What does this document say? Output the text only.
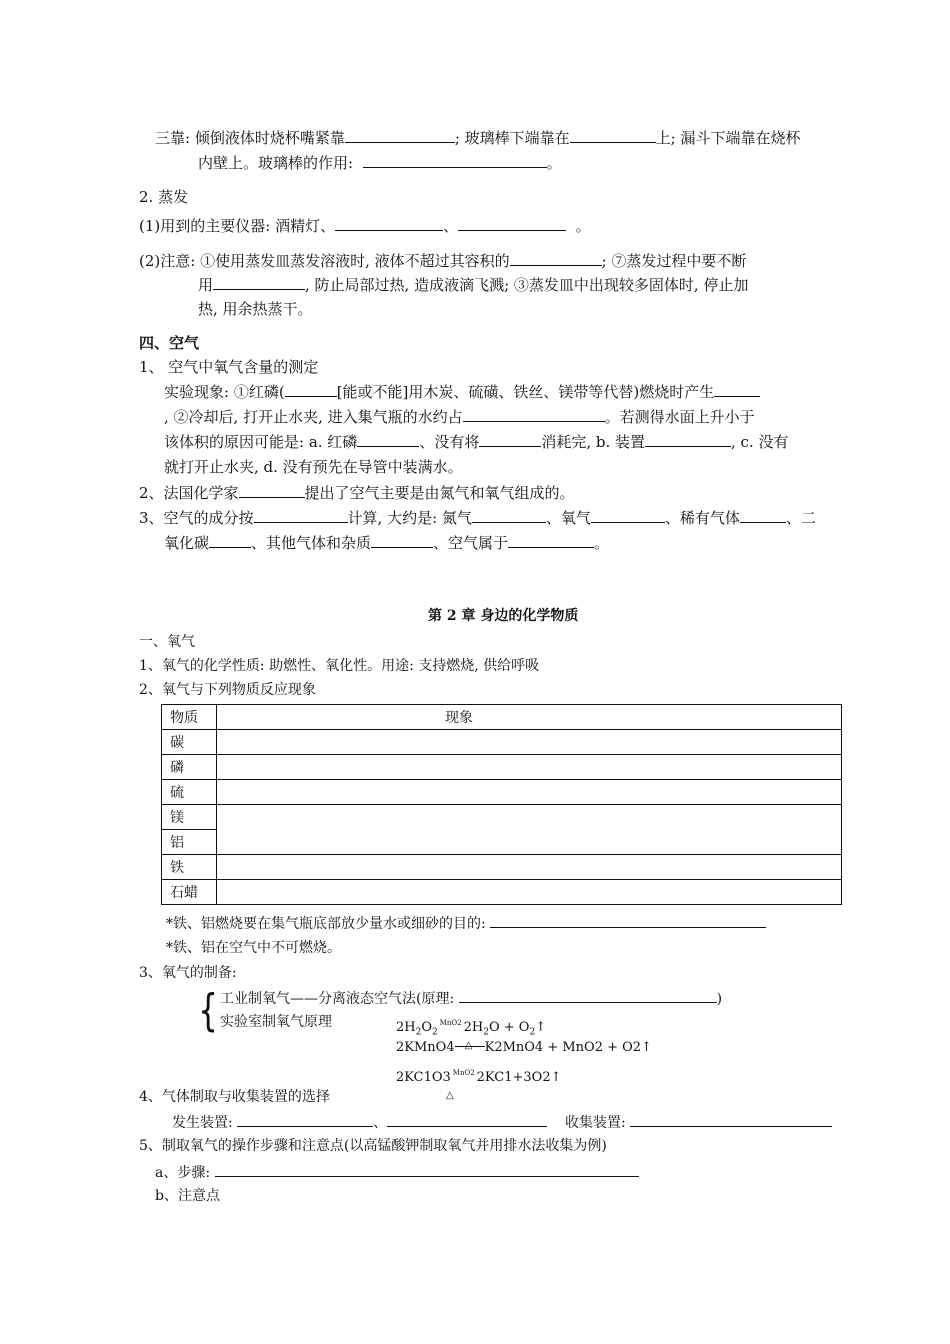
三靠: 倾倒液体时烧杯嘴紧靠	; 玻璃棒下端靠在	上; 漏斗下端靠在烧杯
内壁上。玻璃棒的作用:	。
2. 蒸发
(1)用到的主要仪器: 酒精灯、	、	。
(2)注意: ①使用蒸发皿蒸发溶液时, 液体不超过其容积的	; ⑦蒸发过程中要不断
用	, 防止局部过热, 造成液滴飞溅; ③蒸发皿中出现较多固体时, 停止加
热, 用余热蒸干。
四、空气
1、 空气中氧气含量的测定
实验现象: ①红磷(	[能或不能]用木炭、硫磺、铁丝、镁带等代替)燃烧时产生
, ②冷却后, 打开止水夹, 进入集气瓶的水约占	。若测得水面上升小于
该体积的原因可能是: a. 红磷	、没有将	消耗完, b. 装置	, c. 没有
就打开止水夹, d. 没有预先在导管中装满水。
2、法国化学家	提出了空气主要是由氮气和氧气组成的。
3、空气的成分按	计算, 大约是: 氮气	、氧气	、稀有气体	、二
氧化碳	、其他气体和杂质	、空气属于	。
第 2 章 身边的化学物质
一、氧气
1、氧气的化学性质: 助燃性、氧化性。用途: 支持燃烧, 供给呼吸
2、氧气与下列物质反应现象
物质	现象
碳	
磷	
硫	
镁	
铝	
铁	
石蜡	
*铁、铝燃烧要在集气瓶底部放少量水或细砂的目的:
*铁、铝在空气中不可燃烧。
3、氧气的制备:
{ 工业制氧气——分离液态空气法(原理:	)
实验室制氧气原理	$2H_2O_2MnO2$ $2H_2O$ + $O_2↑$
2KMnO4 △ K2MnO4 + MnO2 + O2↑
2KC1O3 MnO2 2KC1+3O2↑
△
4、气体制取与收集装置的选择
发生装置:	、	收集装置:
5、制取氧气的操作步骤和注意点(以高锰酸钾制取氧气并用排水法收集为例)
a、步骤:
b、注意点
